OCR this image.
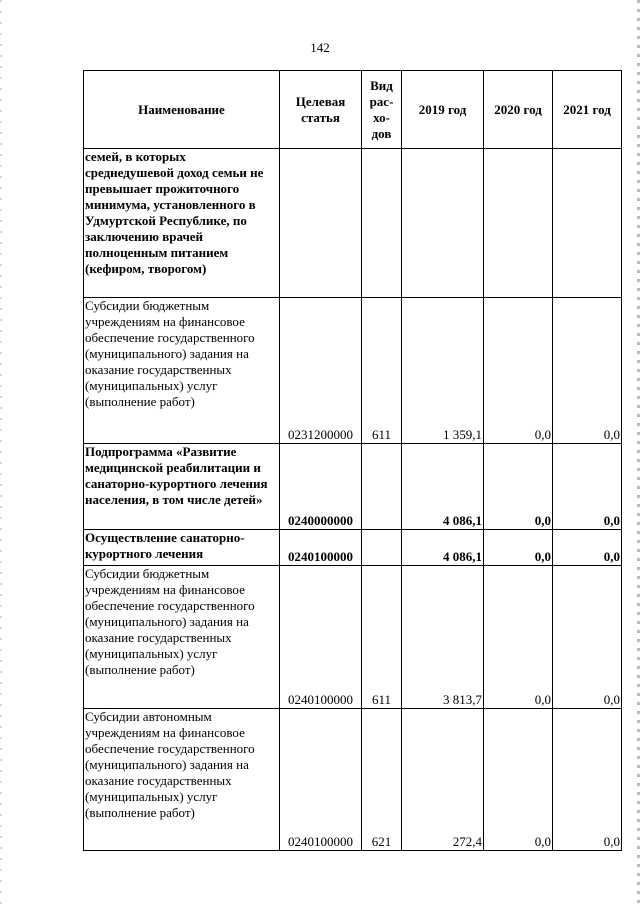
142
Наименование	Целевая статья	Вид рас-хо-дов	2019 год	2020 год	2021 год
семей, в которых среднедушевой доход семьи не превышает прожиточного минимума, установленного в Удмуртской Республике, по заключению врачей полноценным питанием (кефиром, творогом)					
Субсидии бюджетным учреждениям на финансовое обеспечение государственного (муниципального) задания на оказание государственных (муниципальных) услуг (выполнение работ)	0231200000	611	1 359,1	0,0	0,0
Подпрограмма «Развитие медицинской реабилитации и санаторно-курортного лечения населения, в том числе детей»	0240000000		4 086,1	0,0	0,0
Осуществление санаторно-курортного лечения	0240100000		4 086,1	0,0	0,0
Субсидии бюджетным учреждениям на финансовое обеспечение государственного (муниципального) задания на оказание государственных (муниципальных) услуг (выполнение работ)	0240100000	611	3 813,7	0,0	0,0
Субсидии автономным учреждениям на финансовое обеспечение государственного (муниципального) задания на оказание государственных (муниципальных) услуг (выполнение работ)	0240100000	621	272,4	0,0	0,0
